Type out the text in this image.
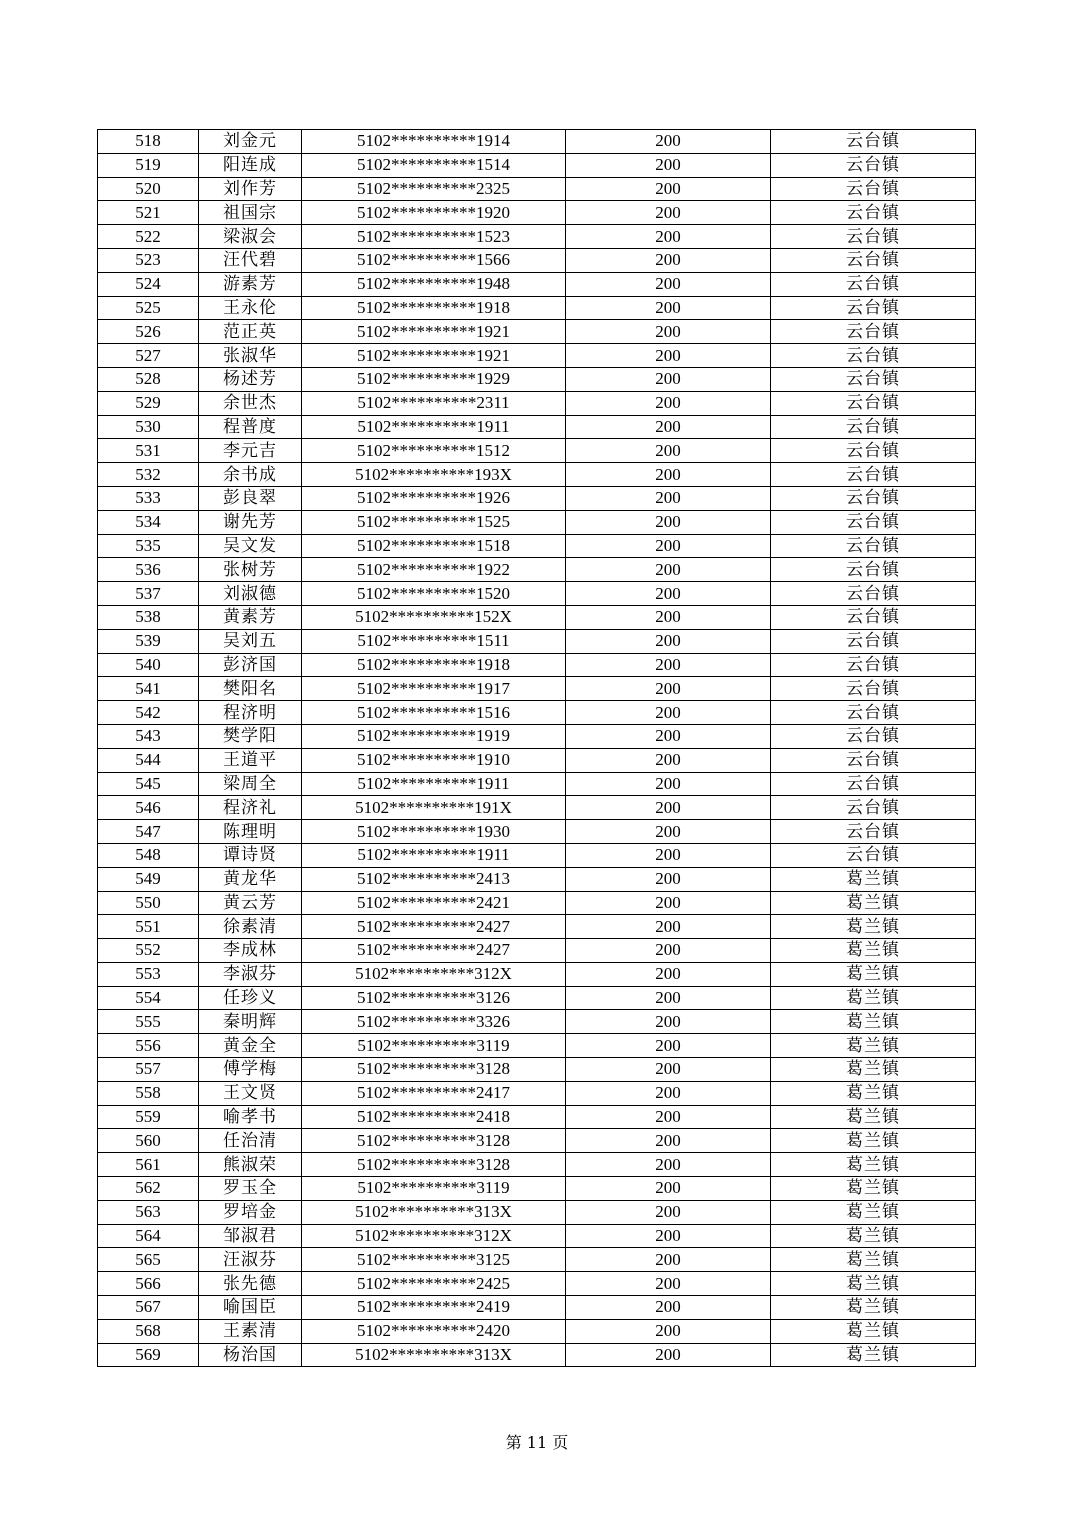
518	刘金元	5102**********1914	200	云台镇
519	阳连成	5102**********1514	200	云台镇
520	刘作芳	5102**********2325	200	云台镇
521	祖国宗	5102**********1920	200	云台镇
522	梁淑会	5102**********1523	200	云台镇
523	汪代碧	5102**********1566	200	云台镇
524	游素芳	5102**********1948	200	云台镇
525	王永伦	5102**********1918	200	云台镇
526	范正英	5102**********1921	200	云台镇
527	张淑华	5102**********1921	200	云台镇
528	杨述芳	5102**********1929	200	云台镇
529	余世杰	5102**********2311	200	云台镇
530	程普度	5102**********1911	200	云台镇
531	李元吉	5102**********1512	200	云台镇
532	余书成	5102**********193X	200	云台镇
533	彭良翠	5102**********1926	200	云台镇
534	谢先芳	5102**********1525	200	云台镇
535	吴文发	5102**********1518	200	云台镇
536	张树芳	5102**********1922	200	云台镇
537	刘淑德	5102**********1520	200	云台镇
538	黄素芳	5102**********152X	200	云台镇
539	吴刘五	5102**********1511	200	云台镇
540	彭济国	5102**********1918	200	云台镇
541	樊阳名	5102**********1917	200	云台镇
542	程济明	5102**********1516	200	云台镇
543	樊学阳	5102**********1919	200	云台镇
544	王道平	5102**********1910	200	云台镇
545	梁周全	5102**********1911	200	云台镇
546	程济礼	5102**********191X	200	云台镇
547	陈理明	5102**********1930	200	云台镇
548	谭诗贤	5102**********1911	200	云台镇
549	黄龙华	5102**********2413	200	葛兰镇
550	黄云芳	5102**********2421	200	葛兰镇
551	徐素清	5102**********2427	200	葛兰镇
552	李成林	5102**********2427	200	葛兰镇
553	李淑芬	5102**********312X	200	葛兰镇
554	任珍义	5102**********3126	200	葛兰镇
555	秦明辉	5102**********3326	200	葛兰镇
556	黄金全	5102**********3119	200	葛兰镇
557	傅学梅	5102**********3128	200	葛兰镇
558	王文贤	5102**********2417	200	葛兰镇
559	喻孝书	5102**********2418	200	葛兰镇
560	任治清	5102**********3128	200	葛兰镇
561	熊淑荣	5102**********3128	200	葛兰镇
562	罗玉全	5102**********3119	200	葛兰镇
563	罗培金	5102**********313X	200	葛兰镇
564	邹淑君	5102**********312X	200	葛兰镇
565	汪淑芬	5102**********3125	200	葛兰镇
566	张先德	5102**********2425	200	葛兰镇
567	喻国臣	5102**********2419	200	葛兰镇
568	王素清	5102**********2420	200	葛兰镇
569	杨治国	5102**********313X	200	葛兰镇
第 11 页
